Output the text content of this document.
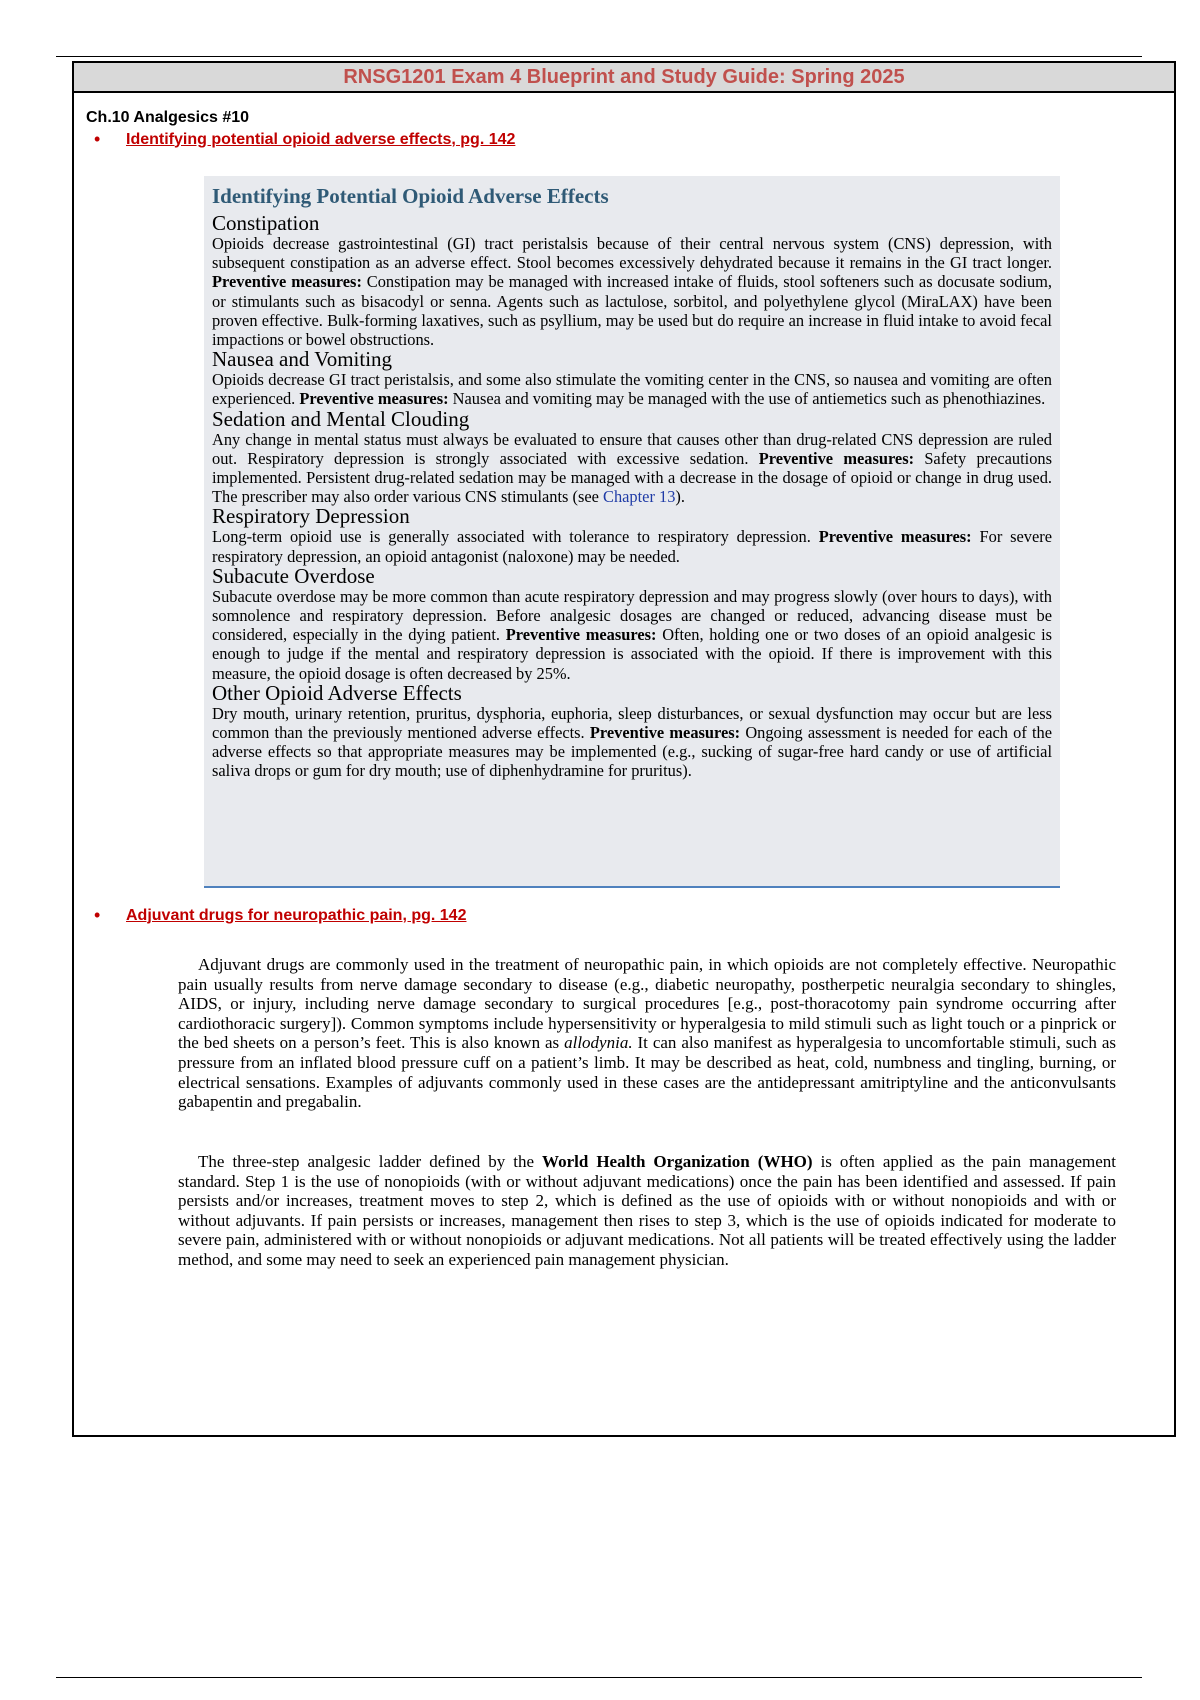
RNSG1201 Exam 4 Blueprint and Study Guide: Spring 2025
Ch.10 Analgesics #10
•	Identifying potential opioid adverse effects, pg. 142
Identifying Potential Opioid Adverse Effects
Constipation

Opioids decrease gastrointestinal (GI) tract peristalsis because of their central nervous system (CNS) depression, with subsequent constipation as an adverse effect. Stool becomes excessively dehydrated because it remains in the GI tract longer. Preventive measures: Constipation may be managed with increased intake of fluids, stool softeners such as docusate sodium, or stimulants such as bisacodyl or senna. Agents such as lactulose, sorbitol, and polyethylene glycol (MiraLAX) have been proven effective. Bulk-forming laxatives, such as psyllium, may be used but do require an increase in fluid intake to avoid fecal impactions or bowel obstructions.

Nausea and Vomiting

Opioids decrease GI tract peristalsis, and some also stimulate the vomiting center in the CNS, so nausea and vomiting are often experienced. Preventive measures: Nausea and vomiting may be managed with the use of antiemetics such as phenothiazines.

Sedation and Mental Clouding

Any change in mental status must always be evaluated to ensure that causes other than drug-related CNS depression are ruled out. Respiratory depression is strongly associated with excessive sedation. Preventive measures: Safety precautions implemented. Persistent drug-related sedation may be managed with a decrease in the dosage of opioid or change in drug used. The prescriber may also order various CNS stimulants (see Chapter 13).

Respiratory Depression

Long-term opioid use is generally associated with tolerance to respiratory depression. Preventive measures: For severe respiratory depression, an opioid antagonist (naloxone) may be needed.

Subacute Overdose

Subacute overdose may be more common than acute respiratory depression and may progress slowly (over hours to days), with somnolence and respiratory depression. Before analgesic dosages are changed or reduced, advancing disease must be considered, especially in the dying patient. Preventive measures: Often, holding one or two doses of an opioid analgesic is enough to judge if the mental and respiratory depression is associated with the opioid. If there is improvement with this measure, the opioid dosage is often decreased by 25%.

Other Opioid Adverse Effects

Dry mouth, urinary retention, pruritus, dysphoria, euphoria, sleep disturbances, or sexual dysfunction may occur but are less common than the previously mentioned adverse effects. Preventive measures: Ongoing assessment is needed for each of the adverse effects so that appropriate measures may be implemented (e.g., sucking of sugar-free hard candy or use of artificial saliva drops or gum for dry mouth; use of diphenhydramine for pruritus).

•	Adjuvant drugs for neuropathic pain, pg. 142

Adjuvant drugs are commonly used in the treatment of neuropathic pain, in which opioids are not completely effective. Neuropathic pain usually results from nerve damage secondary to disease (e.g., diabetic neuropathy, postherpetic neuralgia secondary to shingles, AIDS, or injury, including nerve damage secondary to surgical procedures [e.g., post-thoracotomy pain syndrome occurring after cardiothoracic surgery]). Common symptoms include hypersensitivity or hyperalgesia to mild stimuli such as light touch or a pinprick or the bed sheets on a person’s feet. This is also known as allodynia. It can also manifest as hyperalgesia to uncomfortable stimuli, such as pressure from an inflated blood pressure cuff on a patient’s limb. It may be described as heat, cold, numbness and tingling, burning, or electrical sensations. Examples of adjuvants commonly used in these cases are the antidepressant amitriptyline and the anticonvulsants gabapentin and pregabalin.

The three-step analgesic ladder defined by the World Health Organization (WHO) is often applied as the pain management standard. Step 1 is the use of nonopioids (with or without adjuvant medications) once the pain has been identified and assessed. If pain persists and/or increases, treatment moves to step 2, which is defined as the use of opioids with or without nonopioids and with or without adjuvants. If pain persists or increases, management then rises to step 3, which is the use of opioids indicated for moderate to severe pain, administered with or without nonopioids or adjuvant medications. Not all patients will be treated effectively using the ladder method, and some may need to seek an experienced pain management physician.
